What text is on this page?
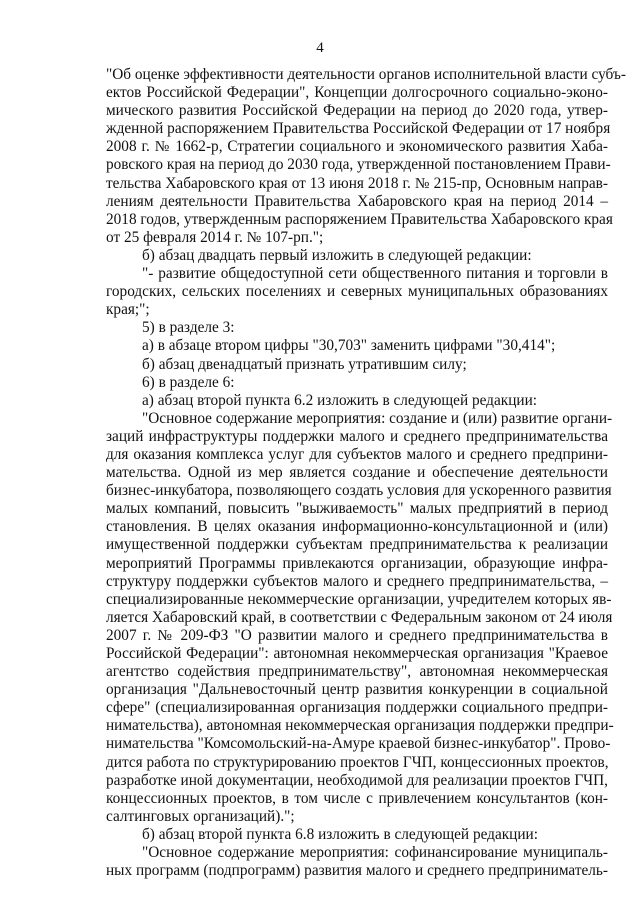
4
"Об оценке эффективности деятельности органов исполнительной власти субъ-
ектов Российской Федерации", Концепции долгосрочного социально-эконо-
мического развития Российской Федерации на период до 2020 года, утвер-
жденной распоряжением Правительства Российской Федерации от 17 ноября
2008 г. № 1662-р, Стратегии социального и экономического развития Хаба-
ровского края на период до 2030 года, утвержденной постановлением Прави-
тельства Хабаровского края от 13 июня 2018 г. № 215-пр, Основным направ-
лениям деятельности Правительства Хабаровского края на период 2014 –
2018 годов, утвержденным распоряжением Правительства Хабаровского края
от 25 февраля 2014 г. № 107-рп.";
б) абзац двадцать первый изложить в следующей редакции:
"- развитие общедоступной сети общественного питания и торговли в
городских, сельских поселениях и северных муниципальных образованиях
края;";
5) в разделе 3:
а) в абзаце втором цифры "30,703" заменить цифрами "30,414";
б) абзац двенадцатый признать утратившим силу;
6) в разделе 6:
а) абзац второй пункта 6.2 изложить в следующей редакции:
"Основное содержание мероприятия: создание и (или) развитие органи-
заций инфраструктуры поддержки малого и среднего предпринимательства
для оказания комплекса услуг для субъектов малого и среднего предприни-
мательства. Одной из мер является создание и обеспечение деятельности
бизнес-инкубатора, позволяющего создать условия для ускоренного развития
малых компаний, повысить "выживаемость" малых предприятий в период
становления. В целях оказания информационно-консультационной и (или)
имущественной поддержки субъектам предпринимательства к реализации
мероприятий Программы привлекаются организации, образующие инфра-
структуру поддержки субъектов малого и среднего предпринимательства, –
специализированные некоммерческие организации, учредителем которых яв-
ляется Хабаровский край, в соответствии с Федеральным законом от 24 июля
2007 г. № 209-ФЗ "О развитии малого и среднего предпринимательства в
Российской Федерации": автономная некоммерческая организация "Краевое
агентство содействия предпринимательству", автономная некоммерческая
организация "Дальневосточный центр развития конкуренции в социальной
сфере" (специализированная организация поддержки социального предпри-
нимательства), автономная некоммерческая организация поддержки предпри-
нимательства "Комсомольский-на-Амуре краевой бизнес-инкубатор". Прово-
дится работа по структурированию проектов ГЧП, концессионных проектов,
разработке иной документации, необходимой для реализации проектов ГЧП,
концессионных проектов, в том числе с привлечением консультантов (кон-
салтинговых организаций).";
б) абзац второй пункта 6.8 изложить в следующей редакции:
"Основное содержание мероприятия: софинансирование муниципаль-
ных программ (подпрограмм) развития малого и среднего предприниматель-
